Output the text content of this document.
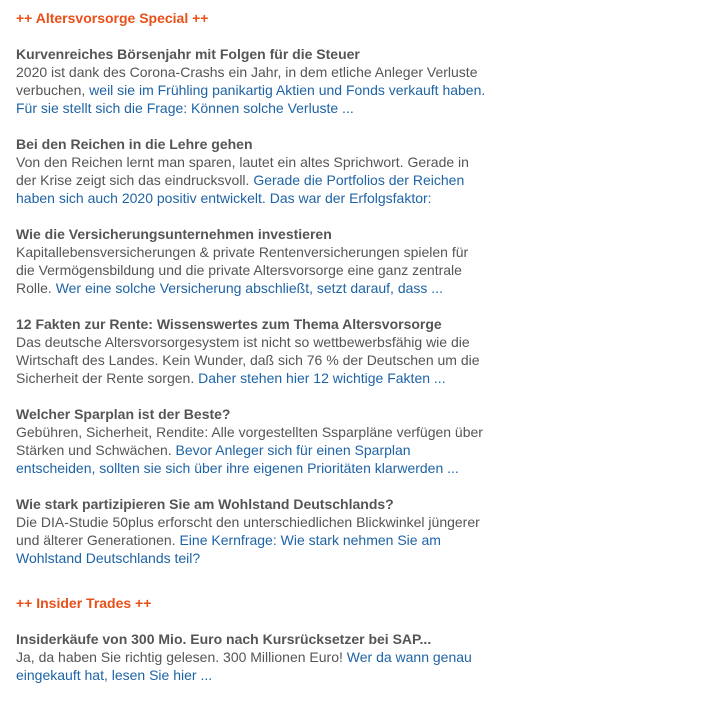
++ Altersvorsorge Special ++
Kurvenreiches Börsenjahr mit Folgen für die Steuer
2020 ist dank des Corona-Crashs ein Jahr, in dem etliche Anleger Verluste verbuchen, weil sie im Frühling panikartig Aktien und Fonds verkauft haben. Für sie stellt sich die Frage: Können solche Verluste ...
Bei den Reichen in die Lehre gehen
Von den Reichen lernt man sparen, lautet ein altes Sprichwort. Gerade in der Krise zeigt sich das eindrucksvoll. Gerade die Portfolios der Reichen haben sich auch 2020 positiv entwickelt. Das war der Erfolgsfaktor:
Wie die Versicherungsunternehmen investieren
Kapitallebensversicherungen & private Rentenversicherungen spielen für die Vermögensbildung und die private Altersvorsorge eine ganz zentrale Rolle. Wer eine solche Versicherung abschließt, setzt darauf, dass ...
12 Fakten zur Rente: Wissenswertes zum Thema Altersvorsorge
Das deutsche Altersvorsorgesystem ist nicht so wettbewerbsfähig wie die Wirtschaft des Landes. Kein Wunder, daß sich 76 % der Deutschen um die Sicherheit der Rente sorgen. Daher stehen hier 12 wichtige Fakten ...
Welcher Sparplan ist der Beste?
Gebühren, Sicherheit, Rendite: Alle vorgestellten Ssparpläne verfügen über Stärken und Schwächen. Bevor Anleger sich für einen Sparplan entscheiden, sollten sie sich über ihre eigenen Prioritäten klarwerden ...
Wie stark partizipieren Sie am Wohlstand Deutschlands?
Die DIA-Studie 50plus erforscht den unterschiedlichen Blickwinkel jüngerer und älterer Generationen. Eine Kernfrage: Wie stark nehmen Sie am Wohlstand Deutschlands teil?
++ Insider Trades ++
Insiderkäufe von 300 Mio. Euro nach Kursrücksetzer bei SAP...
Ja, da haben Sie richtig gelesen. 300 Millionen Euro! Wer da wann genau eingekauft hat, lesen Sie hier ...
